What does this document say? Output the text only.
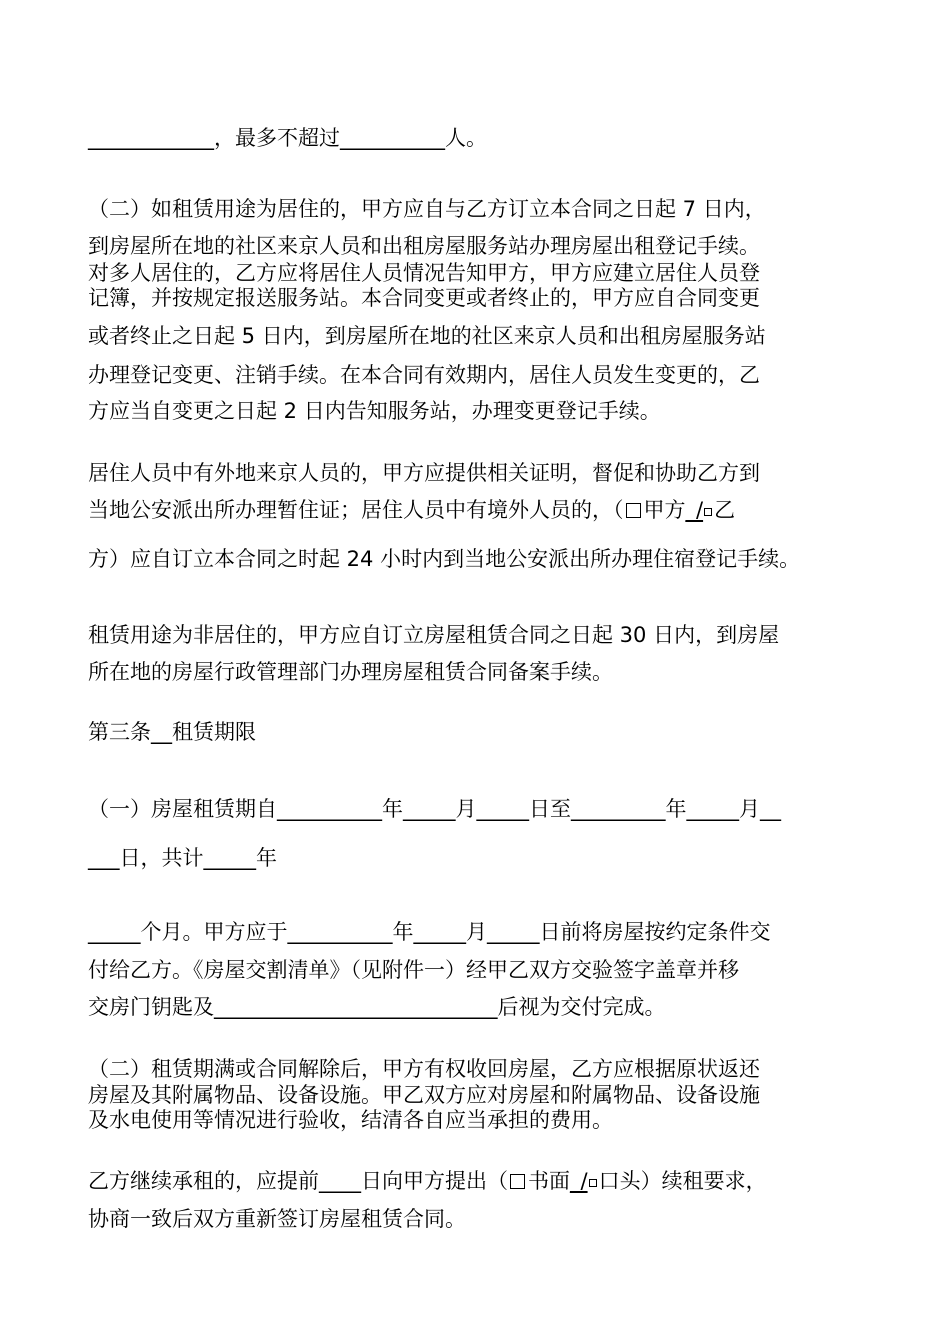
____________，最多不超过__________人。
（二）如租赁用途为居住的，甲方应自与乙方订立本合同之日起 7 日内，
到房屋所在地的社区来京人员和出租房屋服务站办理房屋出租登记手续。
对多人居住的，乙方应将居住人员情况告知甲方，甲方应建立居住人员登
记簿，并按规定报送服务站。本合同变更或者终止的，甲方应自合同变更
或者终止之日起 5 日内，到房屋所在地的社区来京人员和出租房屋服务站
办理登记变更、注销手续。在本合同有效期内，居住人员发生变更的，乙
方应当自变更之日起 2 日内告知服务站，办理变更登记手续。
居住人员中有外地来京人员的，甲方应提供相关证明，督促和协助乙方到
当地公安派出所办理暂住证；居住人员中有境外人员的，（ 甲方_/ 乙
方）应自订立本合同之时起 24 小时内到当地公安派出所办理住宿登记手续。
租赁用途为非居住的，甲方应自订立房屋租赁合同之日起 30 日内，到房屋
所在地的房屋行政管理部门办理房屋租赁合同备案手续。
第三条__租赁期限
（一）房屋租赁期自__________年_____月_____日至_________年_____月__
___日，共计_____年
_____个月。甲方应于__________年_____月_____日前将房屋按约定条件交
付给乙方。《房屋交割清单》（见附件一）经甲乙双方交验签字盖章并移
交房门钥匙及___________________________后视为交付完成。
（二）租赁期满或合同解除后，甲方有权收回房屋，乙方应根据原状返还
房屋及其附属物品、设备设施。甲乙双方应对房屋和附属物品、设备设施
及水电使用等情况进行验收，结清各自应当承担的费用。
乙方继续承租的，应提前____日向甲方提出（ 书面_/ 口头）续租要求，
协商一致后双方重新签订房屋租赁合同。
